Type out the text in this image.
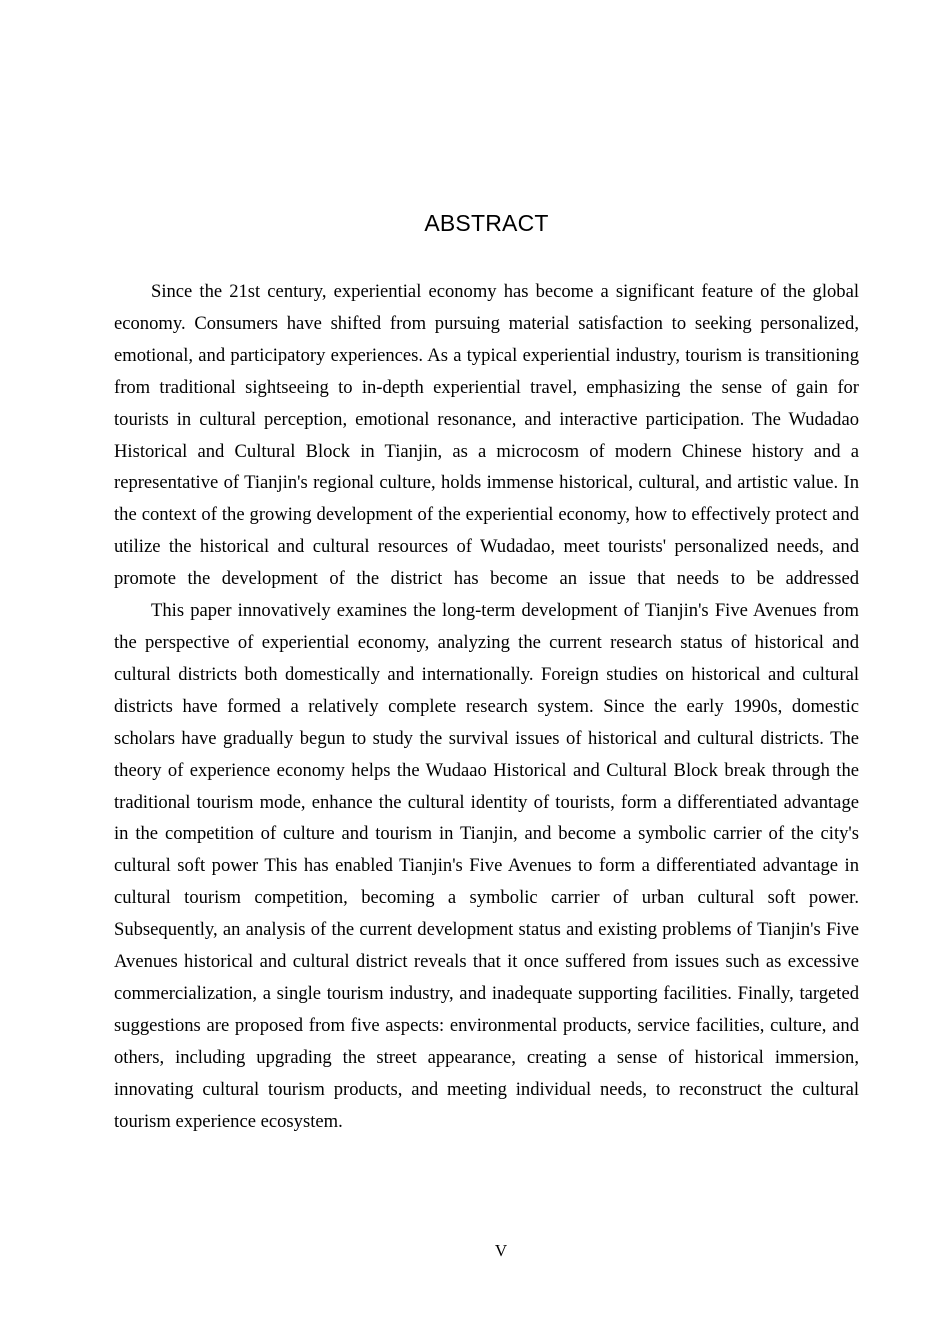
ABSTRACT

Since the 21st century, experiential economy has become a significant feature of the global economy. Consumers have shifted from pursuing material satisfaction to seeking personalized, emotional, and participatory experiences. As a typical experiential industry, tourism is transitioning from traditional sightseeing to in-depth experiential travel, emphasizing the sense of gain for tourists in cultural perception, emotional resonance, and interactive participation. The Wudadao Historical and Cultural Block in Tianjin, as a microcosm of modern Chinese history and a representative of Tianjin's regional culture, holds immense historical, cultural, and artistic value. In the context of the growing development of the experiential economy, how to effectively protect and utilize the historical and cultural resources of Wudadao, meet tourists' personalized needs, and promote the development of the district has become an issue that needs to be addressed

This paper innovatively examines the long-term development of Tianjin's Five Avenues from the perspective of experiential economy, analyzing the current research status of historical and cultural districts both domestically and internationally. Foreign studies on historical and cultural districts have formed a relatively complete research system. Since the early 1990s, domestic scholars have gradually begun to study the survival issues of historical and cultural districts. The theory of experience economy helps the Wudaao Historical and Cultural Block break through the traditional tourism mode, enhance the cultural identity of tourists, form a differentiated advantage in the competition of culture and tourism in Tianjin, and become a symbolic carrier of the city's cultural soft power This has enabled Tianjin's Five Avenues to form a differentiated advantage in cultural tourism competition, becoming a symbolic carrier of urban cultural soft power. Subsequently, an analysis of the current development status and existing problems of Tianjin's Five Avenues historical and cultural district reveals that it once suffered from issues such as excessive commercialization, a single tourism industry, and inadequate supporting facilities. Finally, targeted suggestions are proposed from five aspects: environmental products, service facilities, culture, and others, including upgrading the street appearance, creating a sense of historical immersion, innovating cultural tourism products, and meeting individual needs, to reconstruct the cultural tourism experience ecosystem.

V
